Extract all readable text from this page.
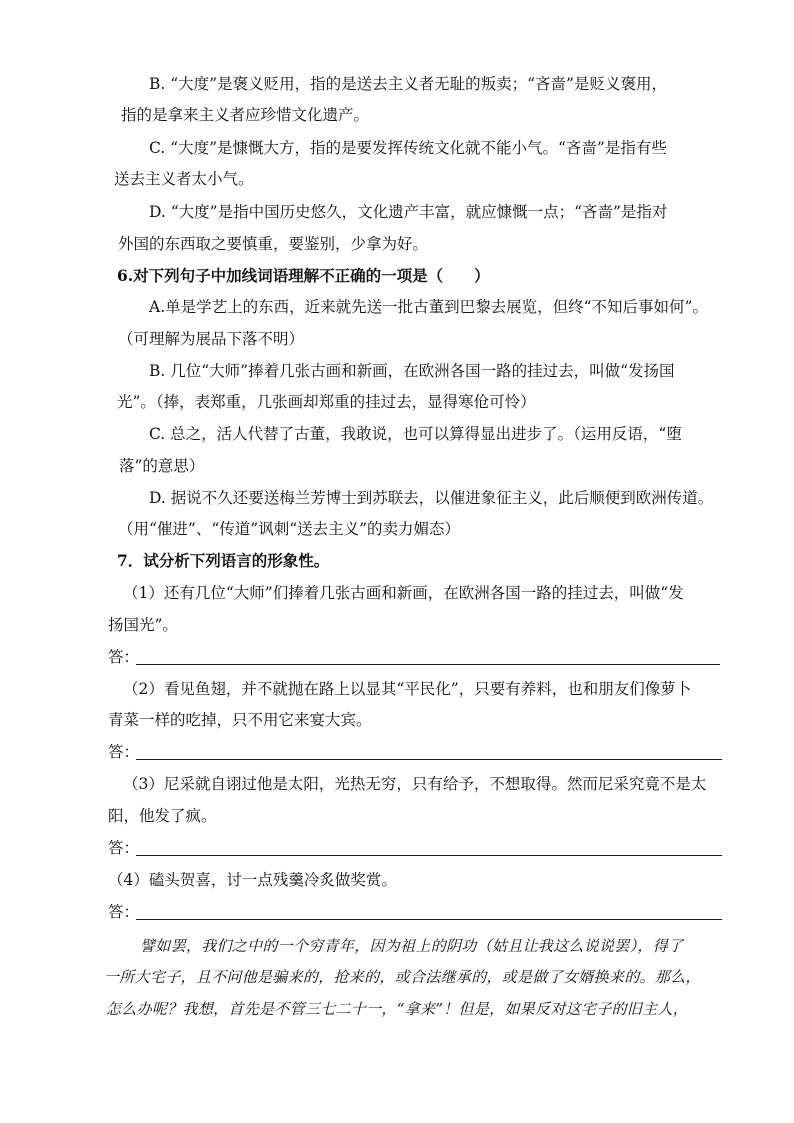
B. “大度”是褒义贬用，指的是送去主义者无耻的叛卖；“吝啬”是贬义褒用，
指的是拿来主义者应珍惜文化遗产。
C. “大度”是慷慨大方，指的是要发挥传统文化就不能小气。“吝啬”是指有些
送去主义者太小气。
D. “大度”是指中国历史悠久，文化遗产丰富，就应慷慨一点；“吝啬”是指对
外国的东西取之要慎重，要鉴别，少拿为好。
6.对下列句子中加线词语理解不正确的一项是（　　）
A.单是学艺上的东西，近来就先送一批古董到巴黎去展览，但终“不知后事如何”。
（可理解为展品下落不明）
B. 几位“大师”捧着几张古画和新画，在欧洲各国一路的挂过去，叫做“发扬国
光”。（捧，表郑重，几张画却郑重的挂过去，显得寒伧可怜）
C. 总之，活人代替了古董，我敢说，也可以算得显出进步了。（运用反语，“堕
落”的意思）
D. 据说不久还要送梅兰芳博士到苏联去，以催进象征主义，此后顺便到欧洲传道。
（用“催进”、“传道”讽刺“送去主义”的卖力媚态）
7．试分析下列语言的形象性。
（1）还有几位“大师”们捧着几张古画和新画，在欧洲各国一路的挂过去，叫做“发
扬国光”。
答：
（2）看见鱼翅，并不就抛在路上以显其“平民化”，只要有养料，也和朋友们像萝卜
青菜一样的吃掉，只不用它来宴大宾。
答：
（3）尼采就自诩过他是太阳，光热无穷，只有给予，不想取得。然而尼采究竟不是太
阳，他发了疯。
答：
（4）磕头贺喜，讨一点残羹冷炙做奖赏。
答：
譬如罢，我们之中的一个穷青年，因为祖上的阴功（姑且让我这么说说罢），得了
一所大宅子，且不问他是骗来的，抢来的，或合法继承的，或是做了女婿换来的。那么，
怎么办呢？我想，首先是不管三七二十一，“拿来”！但是，如果反对这宅子的旧主人，
